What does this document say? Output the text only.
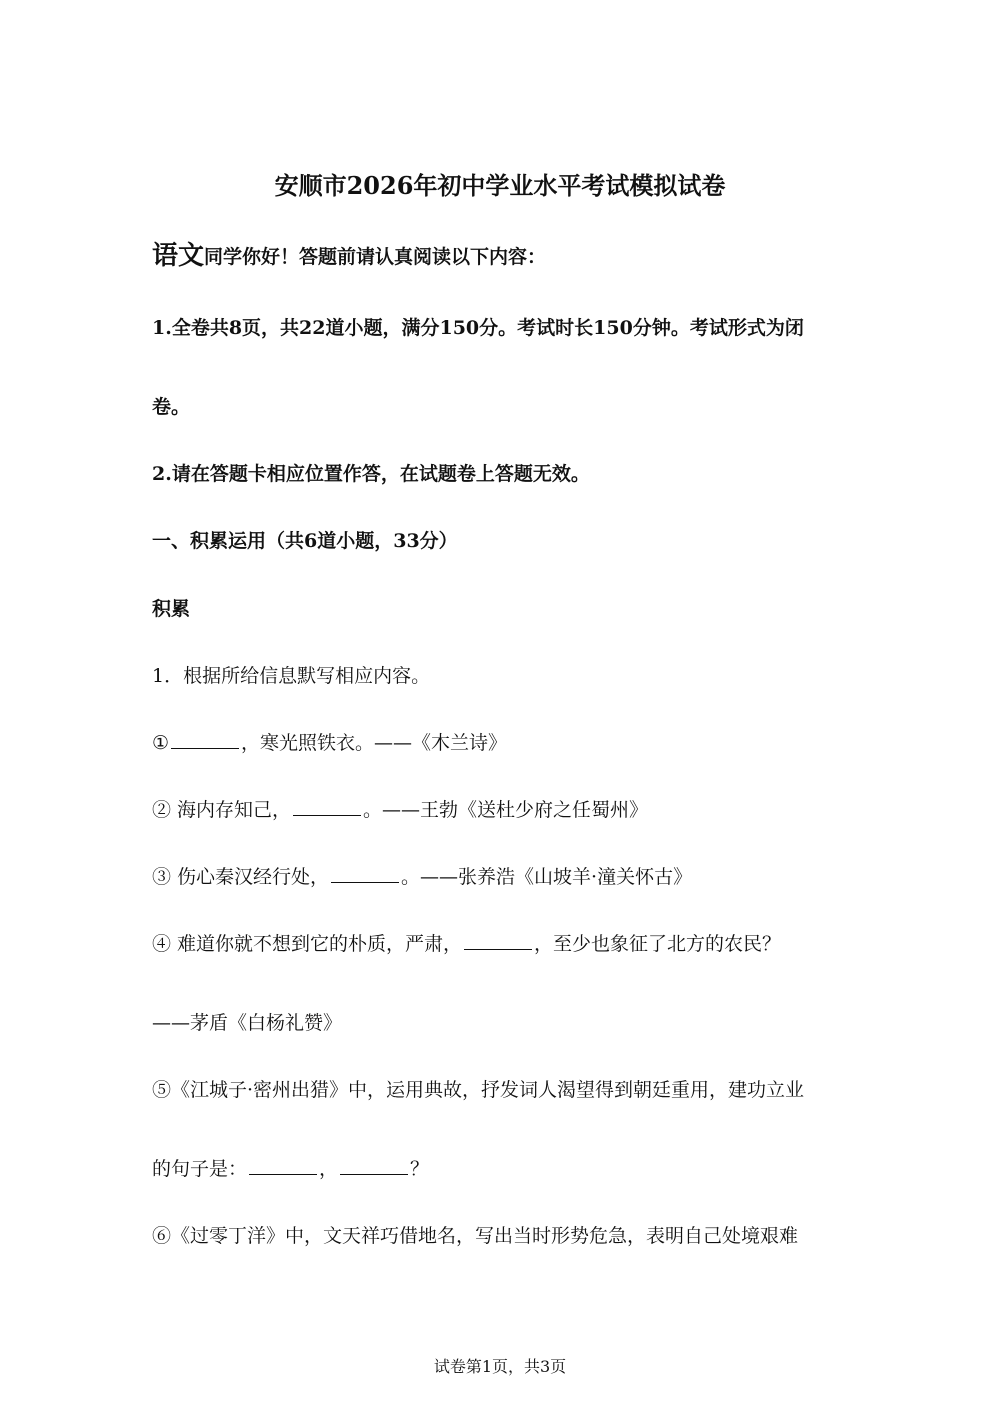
安顺市2026年初中学业水平考试模拟试卷
语文同学你好！答题前请认真阅读以下内容：
1.全卷共8页，共22道小题，满分150分。考试时长150分钟。考试形式为闭
卷。
2.请在答题卡相应位置作答，在试题卷上答题无效。
一、积累运用（共6道小题，33分）
积累
1．根据所给信息默写相应内容。
①	，寒光照铁衣。——《木兰诗》
② 海内存知己，	。——王勃《送杜少府之任蜀州》
③ 伤心秦汉经行处，	。——张养浩《山坡羊·潼关怀古》
④ 难道你就不想到它的朴质，严肃，	，至少也象征了北方的农民？
——茅盾《白杨礼赞》
⑤《江城子·密州出猎》中，运用典故，抒发词人渴望得到朝廷重用，建功立业
的句子是：	，	？
⑥《过零丁洋》中，文天祥巧借地名，写出当时形势危急，表明自己处境艰难
试卷第1页，共3页
